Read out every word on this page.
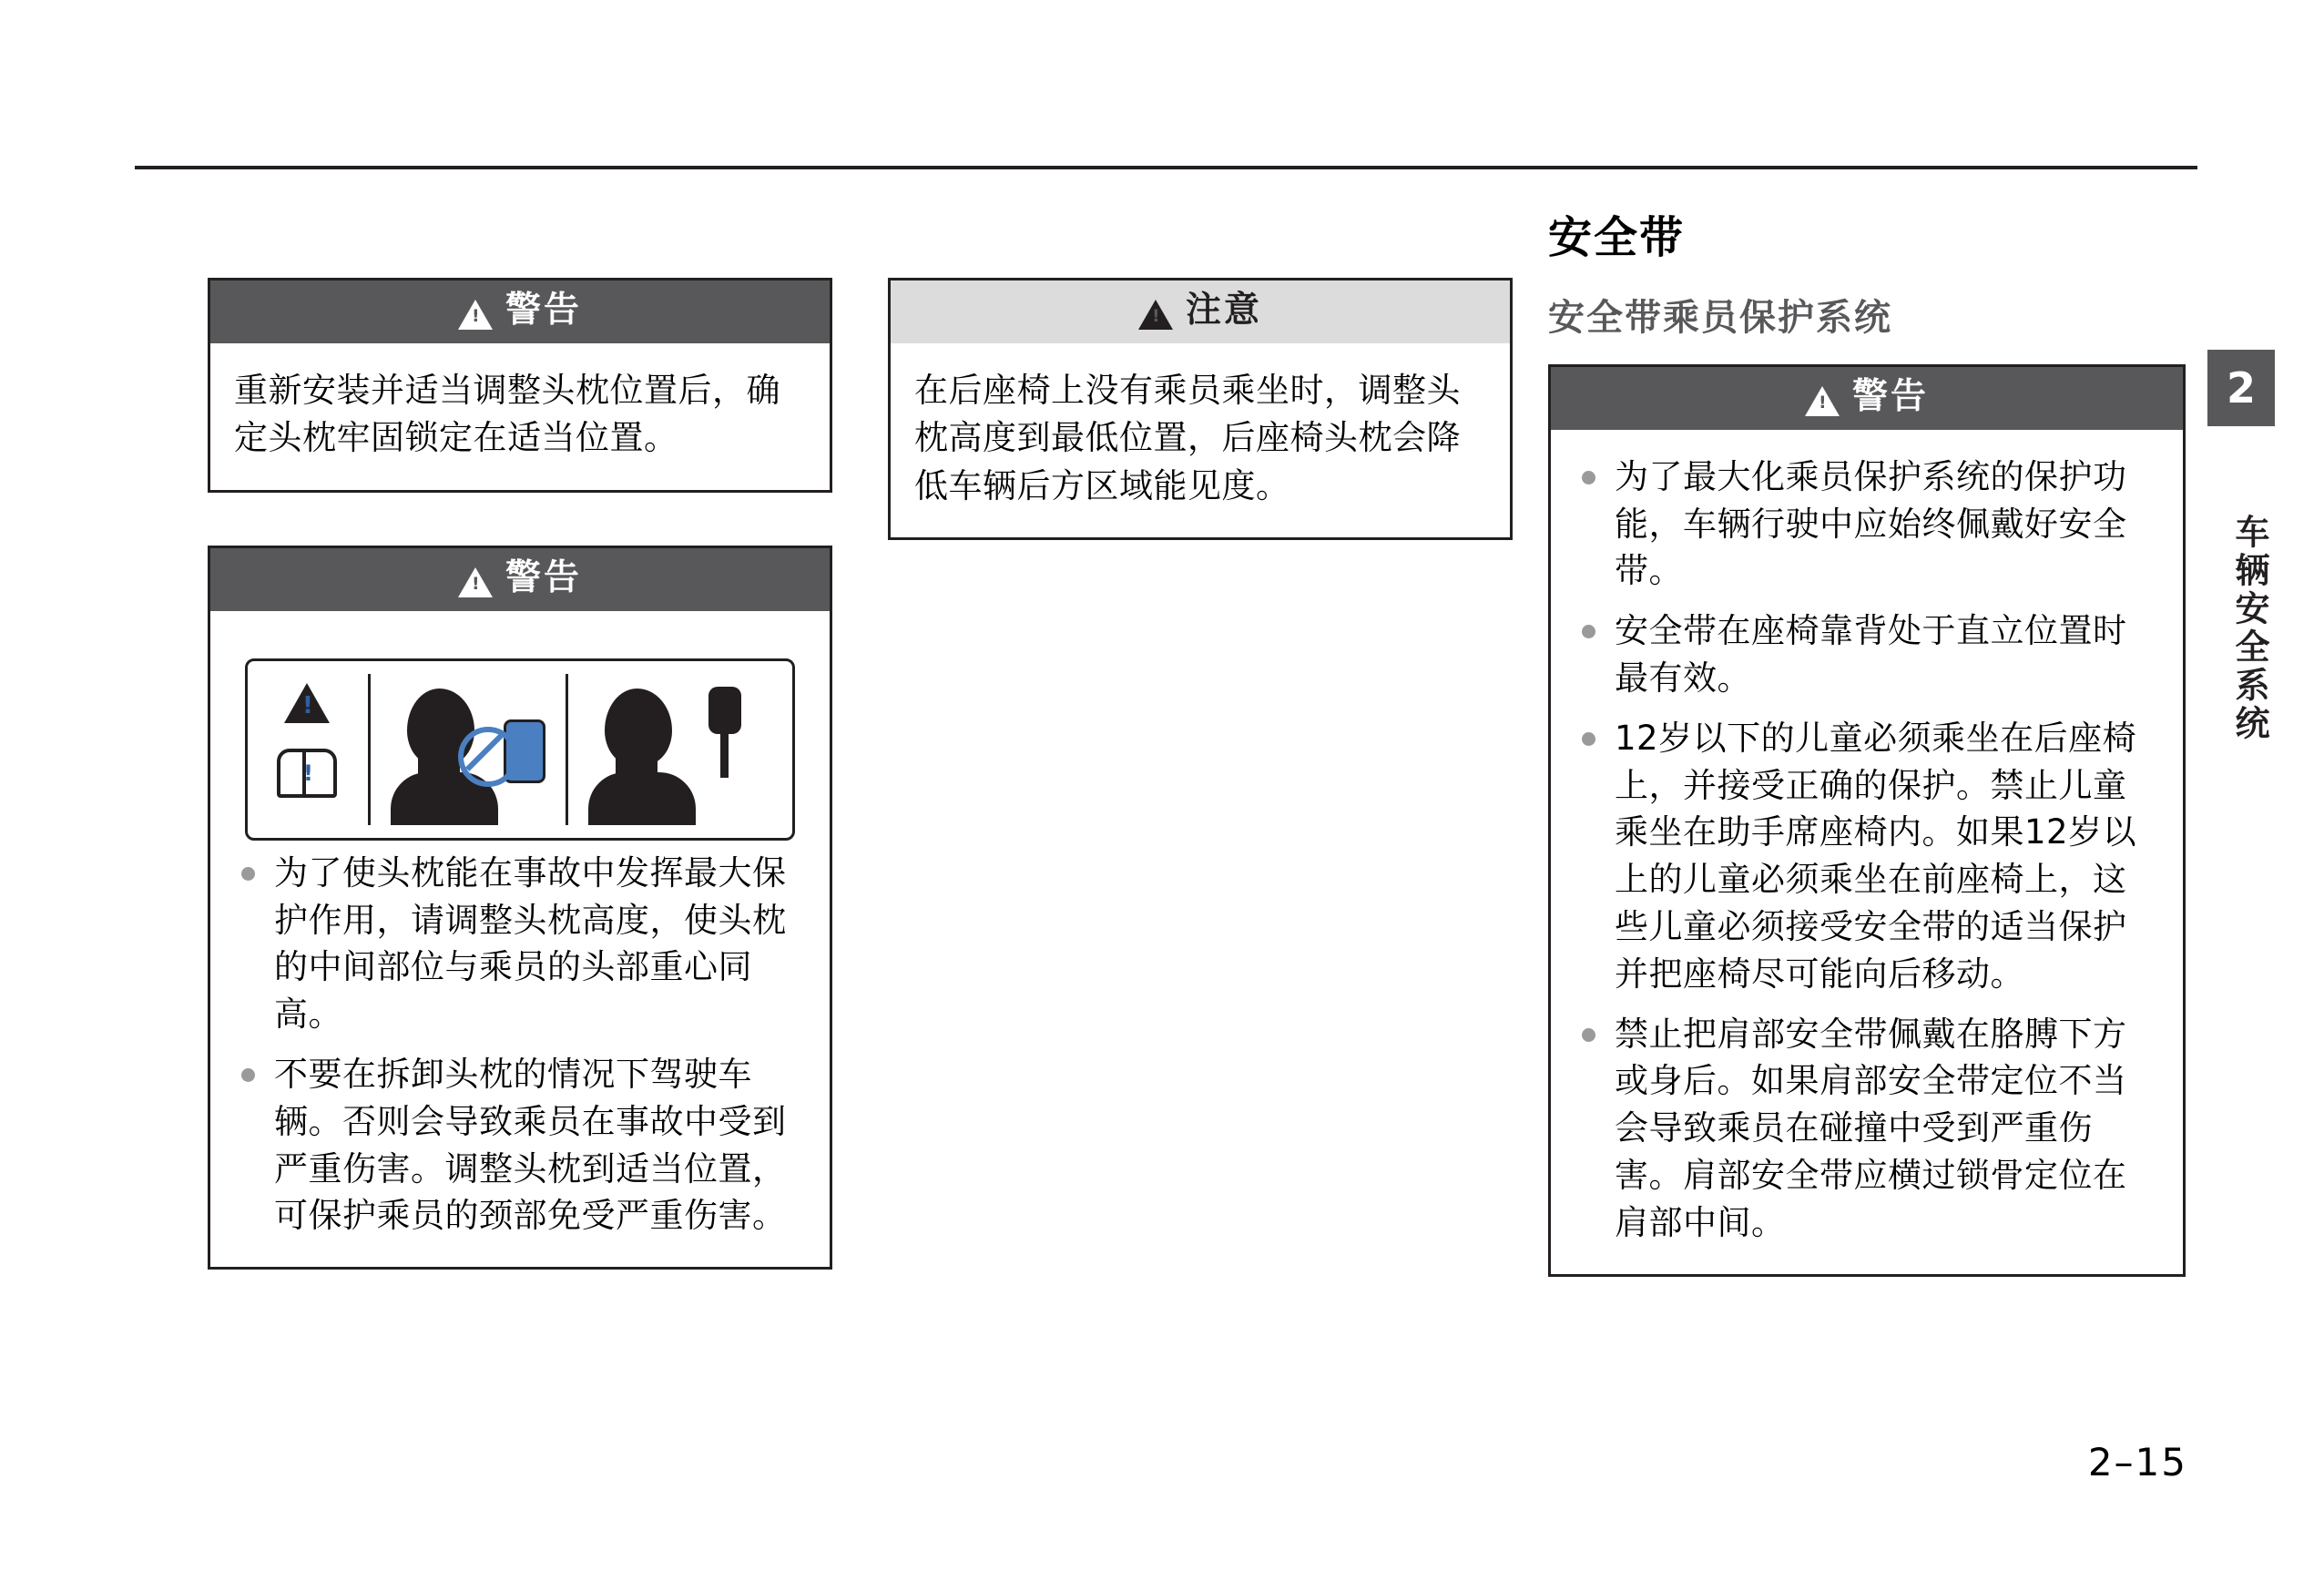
!
警告

重新安装并适当调整头枕位置后，确定头枕牢固锁定在适当位置。

!
警告
!
!
为了使头枕能在事故中发挥最大保护作用，请调整头枕高度，使头枕的中间部位与乘员的头部重心同高。
不要在拆卸头枕的情况下驾驶车辆。否则会导致乘员在事故中受到严重伤害。调整头枕到适当位置，可保护乘员的颈部免受严重伤害。
!
注意

在后座椅上没有乘员乘坐时，调整头枕高度到最低位置，后座椅头枕会降低车辆后方区域能见度。

安全带
安全带乘员保护系统
!
警告
为了最大化乘员保护系统的保护功能，车辆行驶中应始终佩戴好安全带。
安全带在座椅靠背处于直立位置时最有效。
12岁以下的儿童必须乘坐在后座椅上，并接受正确的保护。禁止儿童乘坐在助手席座椅内。如果12岁以上的儿童必须乘坐在前座椅上，这些儿童必须接受安全带的适当保护并把座椅尽可能向后移动。
禁止把肩部安全带佩戴在胳膊下方或身后。如果肩部安全带定位不当会导致乘员在碰撞中受到严重伤害。肩部安全带应横过锁骨定位在肩部中间。
2
车辆安全系统
2–15
